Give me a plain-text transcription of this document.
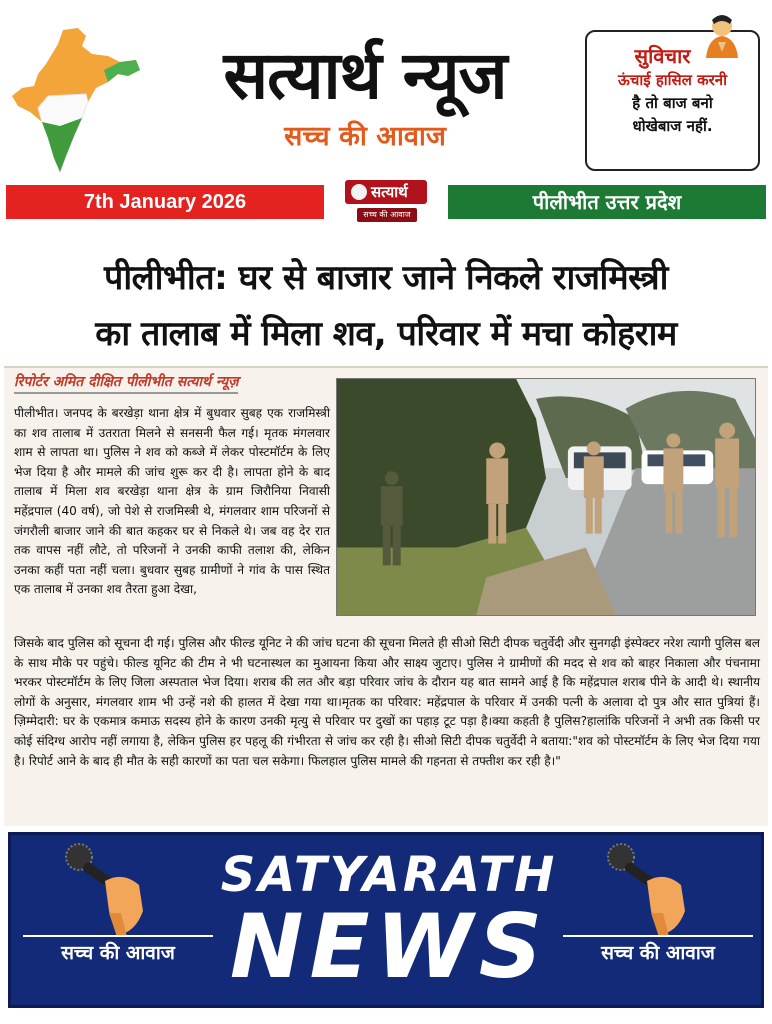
सत्यार्थ न्यूज
सच्च की आवाज
सुविचार
ऊंचाई हासिल करनी
है तो बाज बनो
धोखेबाज नहीं.
7th January 2026	पीलीभीत उत्तर प्रदेश
सत्यार्थ
सच्च की आवाज
पीलीभीत: घर से बाजार जाने निकले राजमिस्त्री
का तालाब में मिला शव, परिवार में मचा कोहराम
रिपोर्टर अमित दीक्षित पीलीभीत सत्यार्थ न्यूज़
पीलीभीत। जनपद के बरखेड़ा थाना क्षेत्र में बुधवार सुबह एक राजमिस्त्री का शव तालाब में उतराता मिलने से सनसनी फैल गई। मृतक मंगलवार शाम से लापता था। पुलिस ने शव को कब्जे में लेकर पोस्टमॉर्टम के लिए भेज दिया है और मामले की जांच शुरू कर दी है। लापता होने के बाद तालाब में मिला शव बरखेड़ा थाना क्षेत्र के ग्राम जिरौनिया निवासी महेंद्रपाल (40 वर्ष), जो पेशे से राजमिस्त्री थे, मंगलवार शाम परिजनों से जंगरौली बाजार जाने की बात कहकर घर से निकले थे। जब वह देर रात तक वापस नहीं लौटे, तो परिजनों ने उनकी काफी तलाश की, लेकिन उनका कहीं पता नहीं चला। बुधवार सुबह ग्रामीणों ने गांव के पास स्थित एक तालाब में उनका शव तैरता हुआ देखा,
जिसके बाद पुलिस को सूचना दी गई। पुलिस और फील्ड यूनिट ने की जांच घटना की सूचना मिलते ही सीओ सिटी दीपक चतुर्वेदी और सुनगढ़ी इंस्पेक्टर नरेश त्यागी पुलिस बल के साथ मौके पर पहुंचे। फील्ड यूनिट की टीम ने भी घटनास्थल का मुआयना किया और साक्ष्य जुटाए। पुलिस ने ग्रामीणों की मदद से शव को बाहर निकाला और पंचनामा भरकर पोस्टमॉर्टम के लिए जिला अस्पताल भेज दिया। शराब की लत और बड़ा परिवार जांच के दौरान यह बात सामने आई है कि महेंद्रपाल शराब पीने के आदी थे। स्थानीय लोगों के अनुसार, मंगलवार शाम भी उन्हें नशे की हालत में देखा गया था।मृतक का परिवार: महेंद्रपाल के परिवार में उनकी पत्नी के अलावा दो पुत्र और सात पुत्रियां हैं।ज़िम्मेदारी: घर के एकमात्र कमाऊ सदस्य होने के कारण उनकी मृत्यु से परिवार पर दुखों का पहाड़ टूट पड़ा है।क्या कहती है पुलिस?हालांकि परिजनों ने अभी तक किसी पर कोई संदिग्ध आरोप नहीं लगाया है, लेकिन पुलिस हर पहलू की गंभीरता से जांच कर रही है। सीओ सिटी दीपक चतुर्वेदी ने बताया:"शव को पोस्टमॉर्टम के लिए भेज दिया गया है। रिपोर्ट आने के बाद ही मौत के सही कारणों का पता चल सकेगा। फिलहाल पुलिस मामले की गहनता से तफ्तीश कर रही है।"
SATYARATH
NEWS
सच्च की आवाज	सच्च की आवाज
